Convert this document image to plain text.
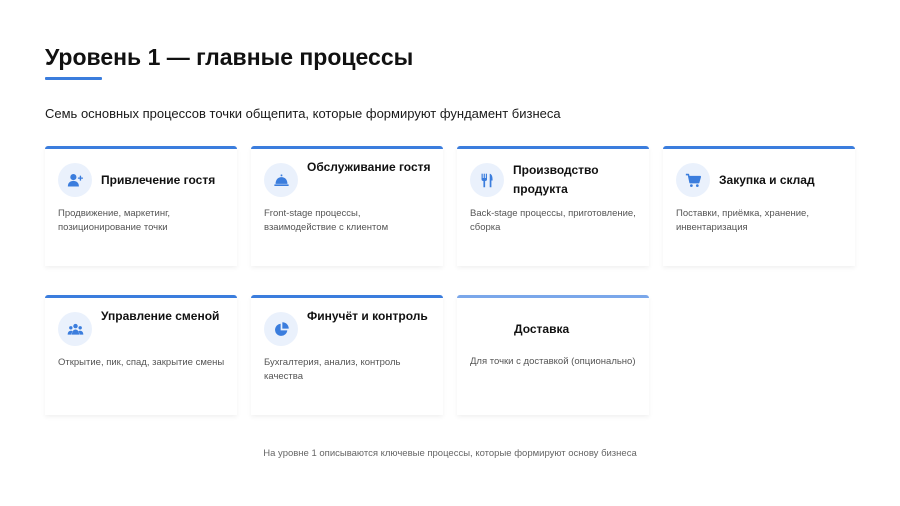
Уровень 1 — главные процессы
Семь основных процессов точки общепита, которые формируют фундамент бизнеса
Привлечение гостя
Продвижение, маркетинг, позиционирование точки
Обслуживание гостя
Front-stage процессы, взаимодействие с клиентом
Производство продукта
Back-stage процессы, приготовление, сборка
Закупка и склад
Поставки, приёмка, хранение, инвентаризация
Управление сменой
Открытие, пик, спад, закрытие смены
Финучёт и контроль
Бухгалтерия, анализ, контроль качества
Доставка
Для точки с доставкой (опционально)
На уровне 1 описываются ключевые процессы, которые формируют основу бизнеса
